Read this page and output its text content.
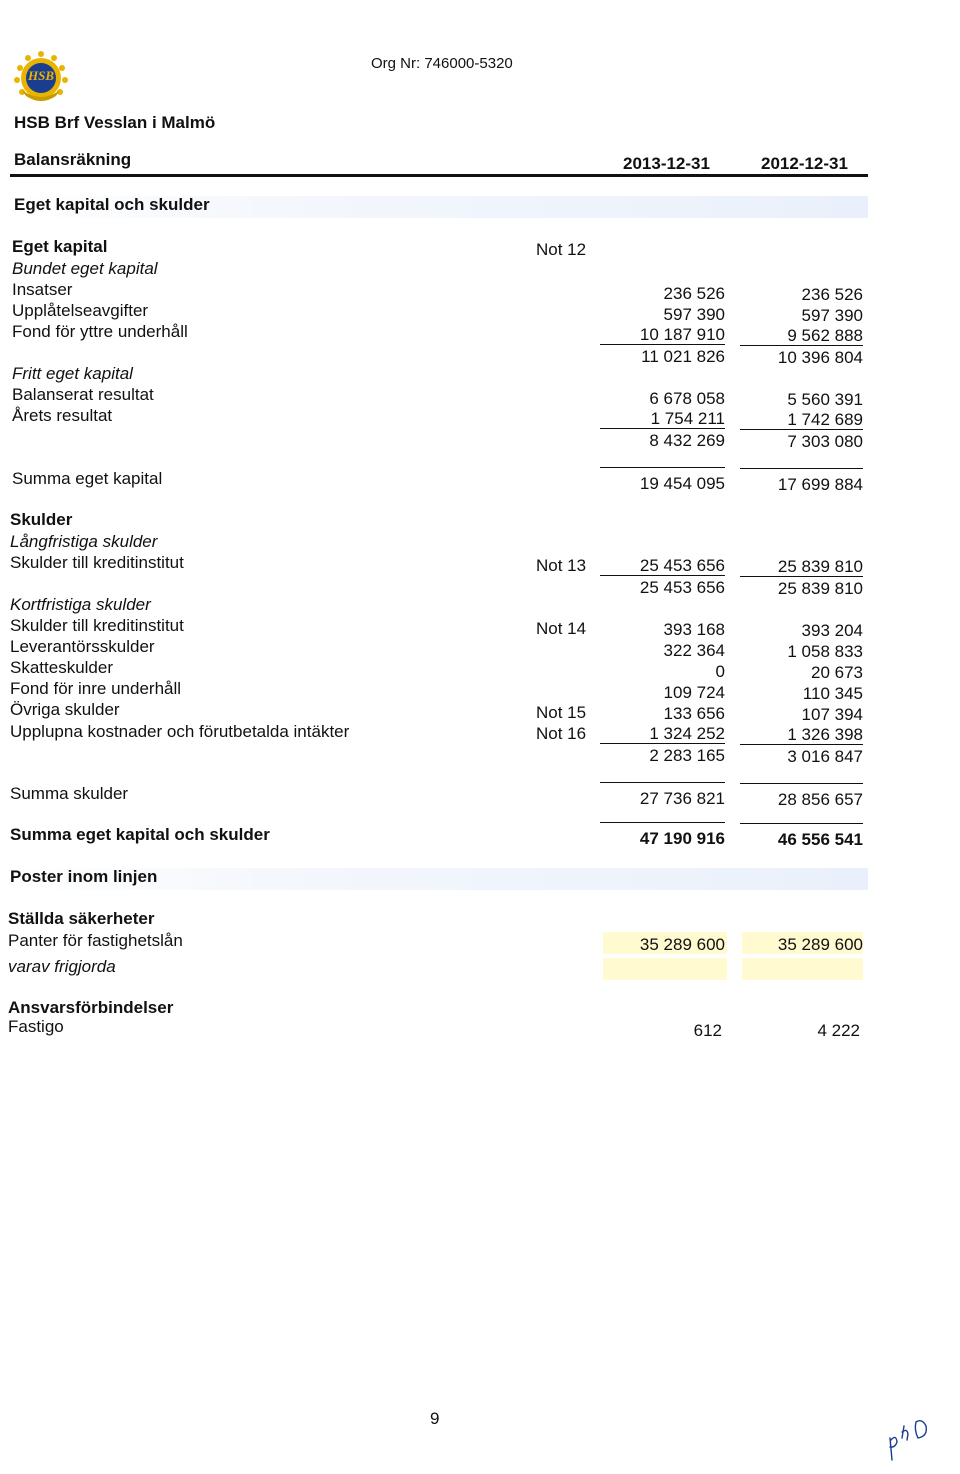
HSB
Org Nr: 746000-5320
HSB Brf Vesslan i Malmö
Balansräkning	2013-12-31	2012-12-31
Eget kapital och skulder
Eget kapital	Not 12
Bundet eget kapital
Insatser	236 526	236 526
Upplåtelseavgifter	597 390	597 390
Fond för yttre underhåll	10 187 910	9 562 888
11 021 826	10 396 804
Fritt eget kapital
Balanserat resultat	6 678 058	5 560 391
Årets resultat	1 754 211	1 742 689
8 432 269	7 303 080
Summa eget kapital	19 454 095	17 699 884
Skulder
Långfristiga skulder
Skulder till kreditinstitut	Not 13	25 453 656	25 839 810
25 453 656	25 839 810
Kortfristiga skulder
Skulder till kreditinstitut	Not 14	393 168	393 204
Leverantörsskulder	322 364	1 058 833
Skatteskulder	0	20 673
Fond för inre underhåll	109 724	110 345
Övriga skulder	Not 15	133 656	107 394
Upplupna kostnader och förutbetalda intäkter	Not 16	1 324 252	1 326 398
2 283 165	3 016 847
Summa skulder	27 736 821	28 856 657
Summa eget kapital och skulder	47 190 916	46 556 541
Poster inom linjen
Ställda säkerheter
Panter för fastighetslån	35 289 600	35 289 600
varav frigjorda
Ansvarsförbindelser
Fastigo	612	4 222
9
